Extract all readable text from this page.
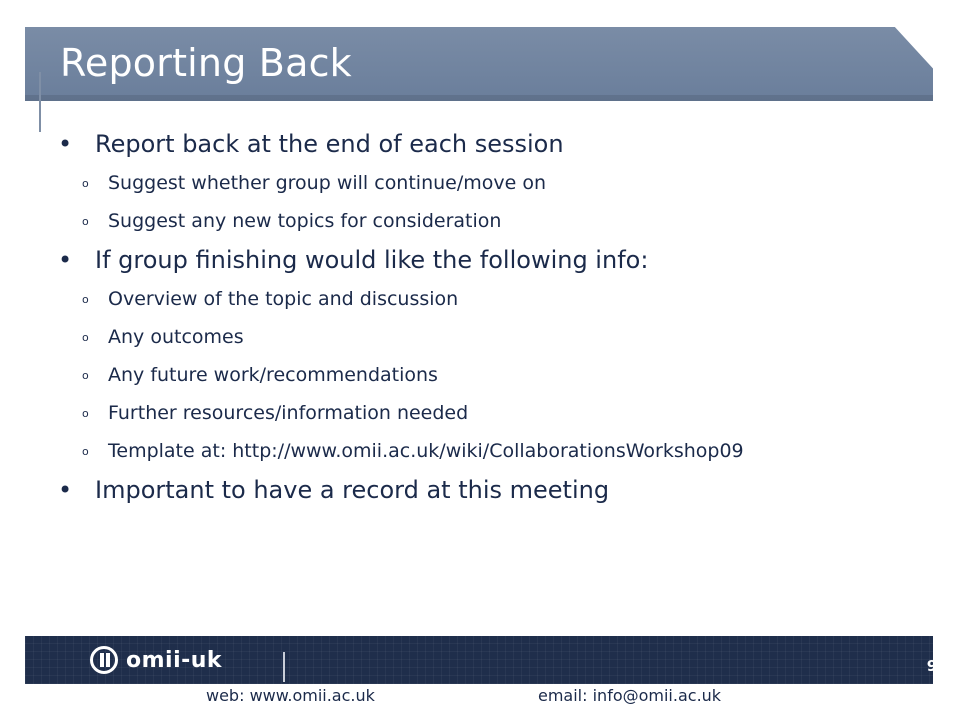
Reporting Back
• Report back at the end of each session
o Suggest whether group will continue/move on
o Suggest any new topics for consideration
• If group finishing would like the following info:
o Overview of the topic and discussion
o Any outcomes
o Any future work/recommendations
o Further resources/information needed
o Template at: http://www.omii.ac.uk/wiki/CollaborationsWorkshop09
• Important to have a record at this meeting
omii-uk	9
web: www.omii.ac.uk	email: info@omii.ac.uk
